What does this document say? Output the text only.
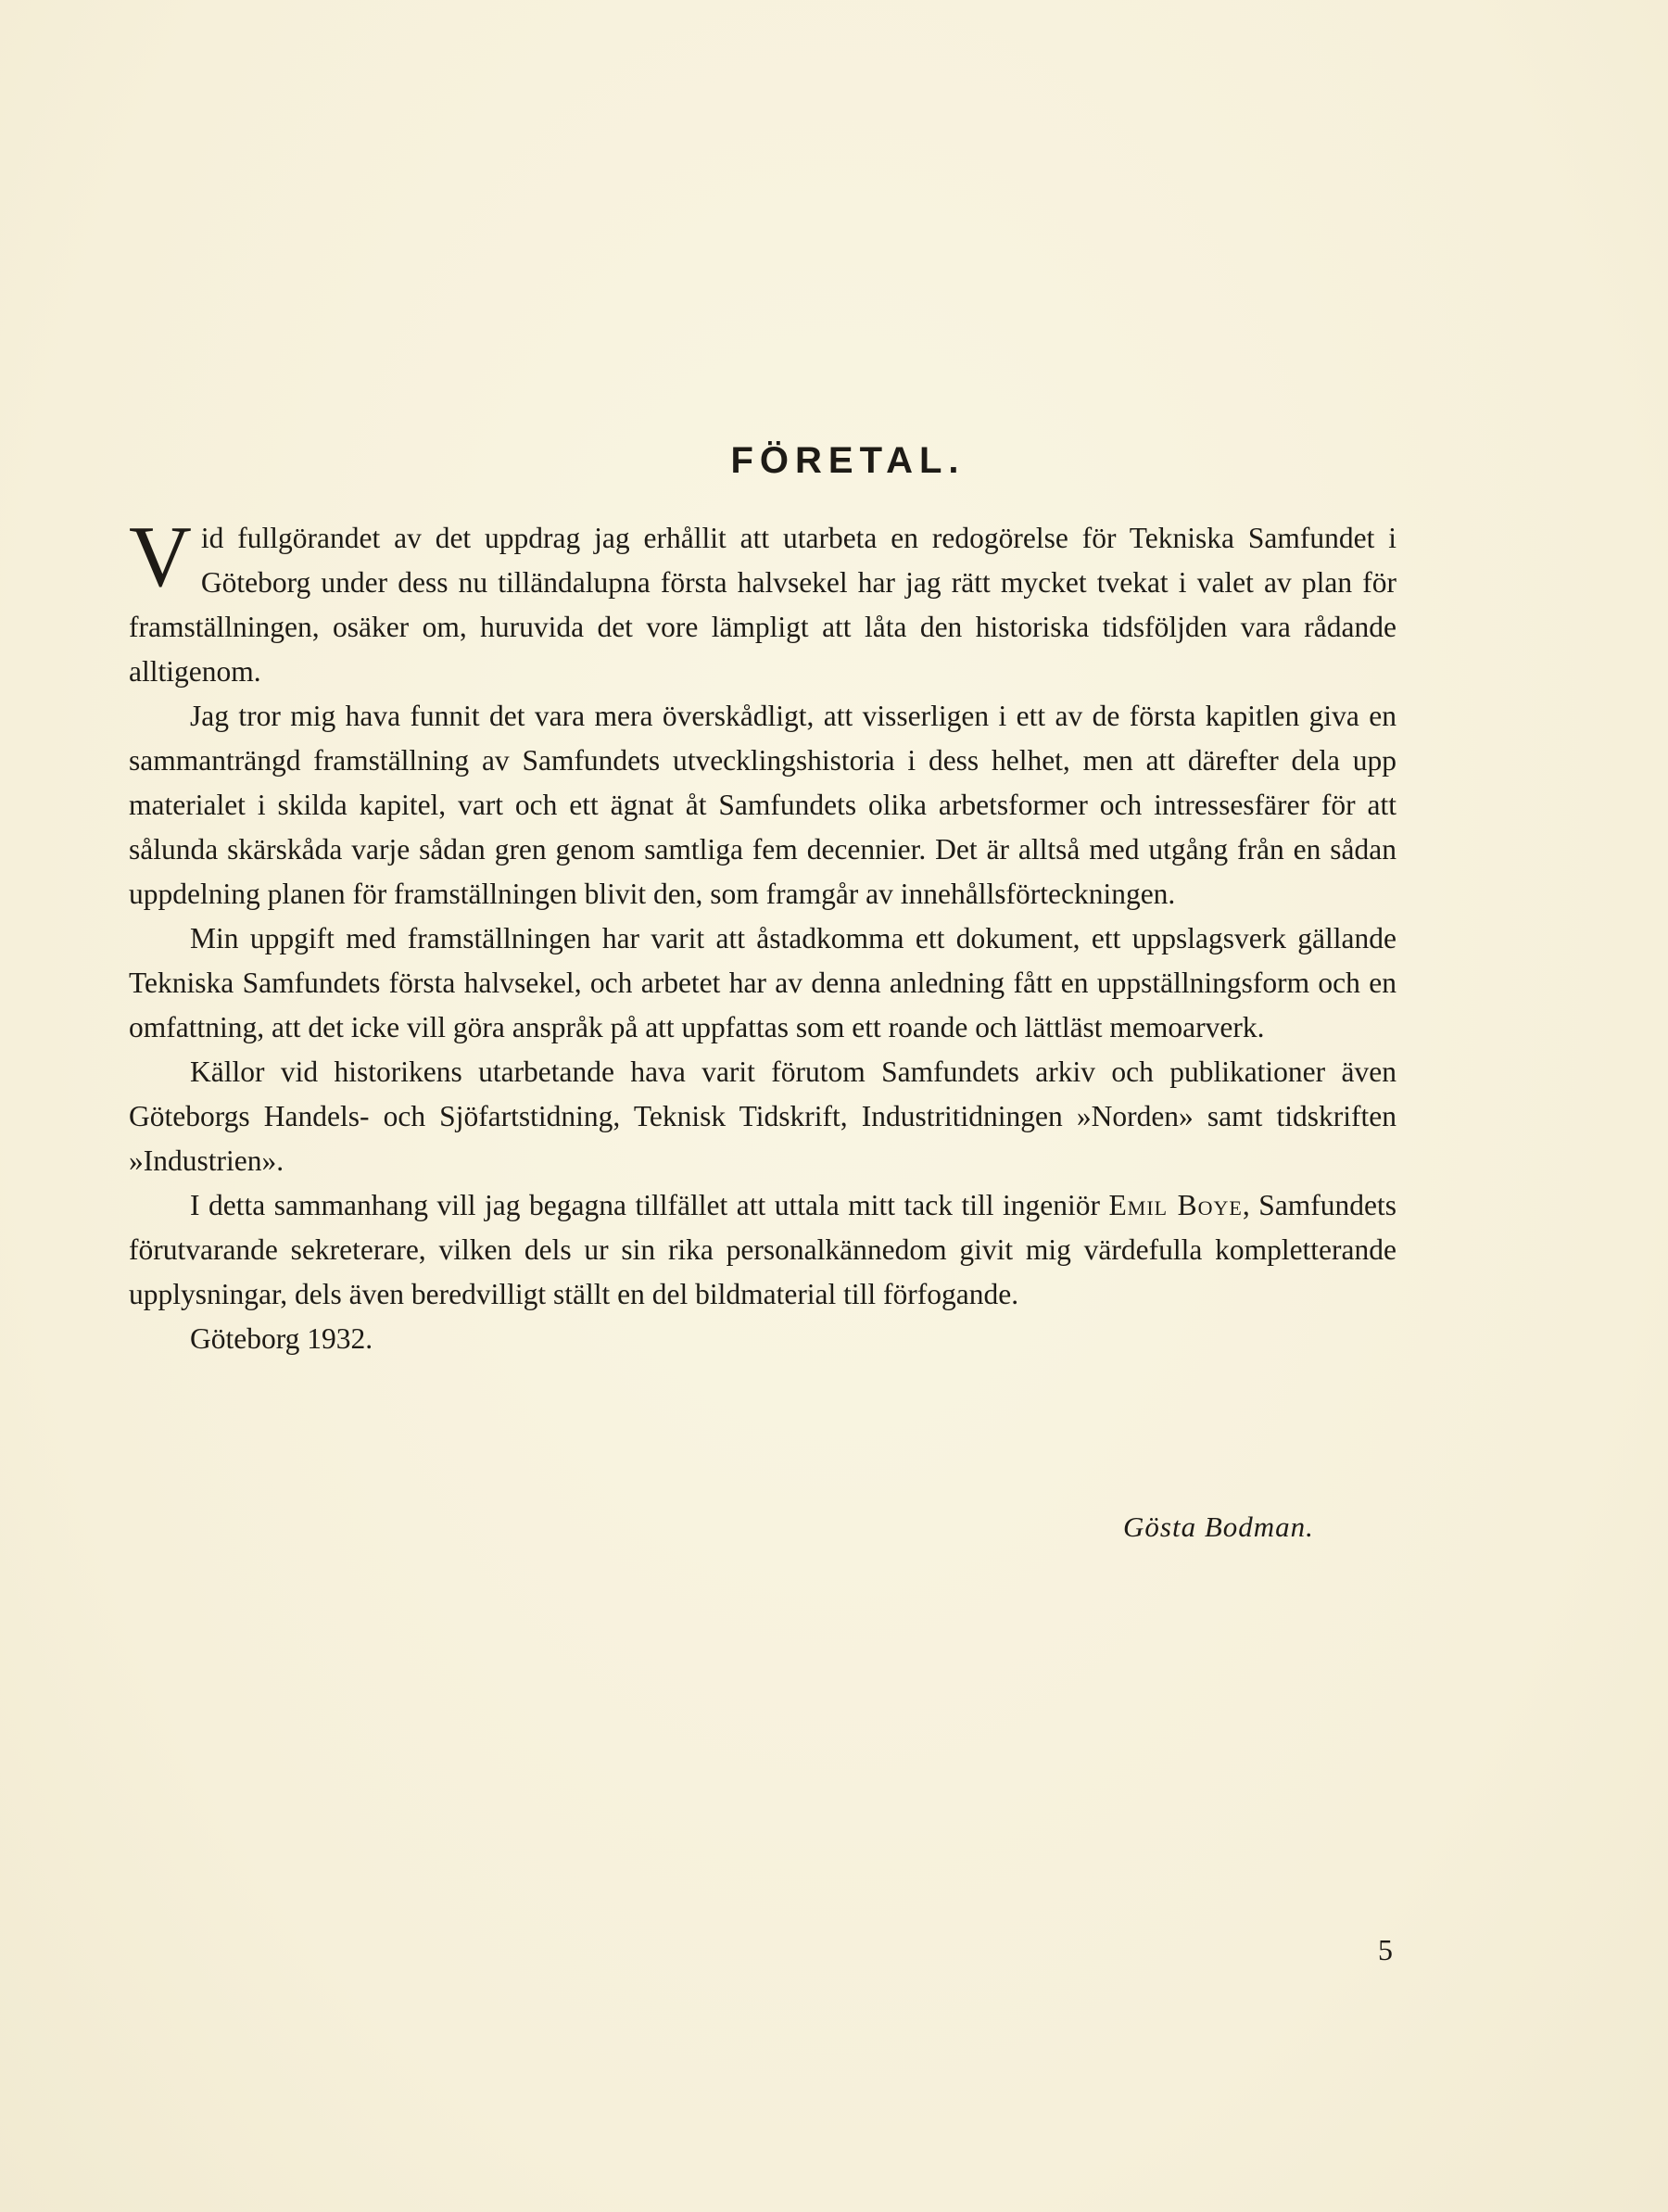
FÖRETAL.

Vid fullgörandet av det uppdrag jag erhållit att utarbeta en redogörelse för Tekniska Samfundet i Göteborg under dess nu tilländalupna första halvsekel har jag rätt mycket tvekat i valet av plan för framställningen, osäker om, huruvida det vore lämpligt att låta den historiska tidsföljden vara rådande alltigenom.

Jag tror mig hava funnit det vara mera överskådligt, att visserligen i ett av de första kapitlen giva en sammanträngd framställning av Samfundets utvecklingshistoria i dess helhet, men att därefter dela upp materialet i skilda kapitel, vart och ett ägnat åt Samfundets olika arbetsformer och intressesfärer för att sålunda skärskåda varje sådan gren genom samtliga fem decennier. Det är alltså med utgång från en sådan uppdelning planen för framställningen blivit den, som framgår av innehållsförteckningen.

Min uppgift med framställningen har varit att åstadkomma ett dokument, ett uppslagsverk gällande Tekniska Samfundets första halvsekel, och arbetet har av denna anledning fått en uppställningsform och en omfattning, att det icke vill göra anspråk på att uppfattas som ett roande och lättläst memoarverk.

Källor vid historikens utarbetande hava varit förutom Samfundets arkiv och publikationer även Göteborgs Handels- och Sjöfartstidning, Teknisk Tidskrift, Industritidningen »Norden» samt tidskriften »Industrien».

I detta sammanhang vill jag begagna tillfället att uttala mitt tack till ingeniör Emil Boye, Samfundets förutvarande sekreterare, vilken dels ur sin rika personalkännedom givit mig värdefulla kompletterande upplysningar, dels även beredvilligt ställt en del bildmaterial till förfogande.

Göteborg 1932.

Gösta Bodman.
5
